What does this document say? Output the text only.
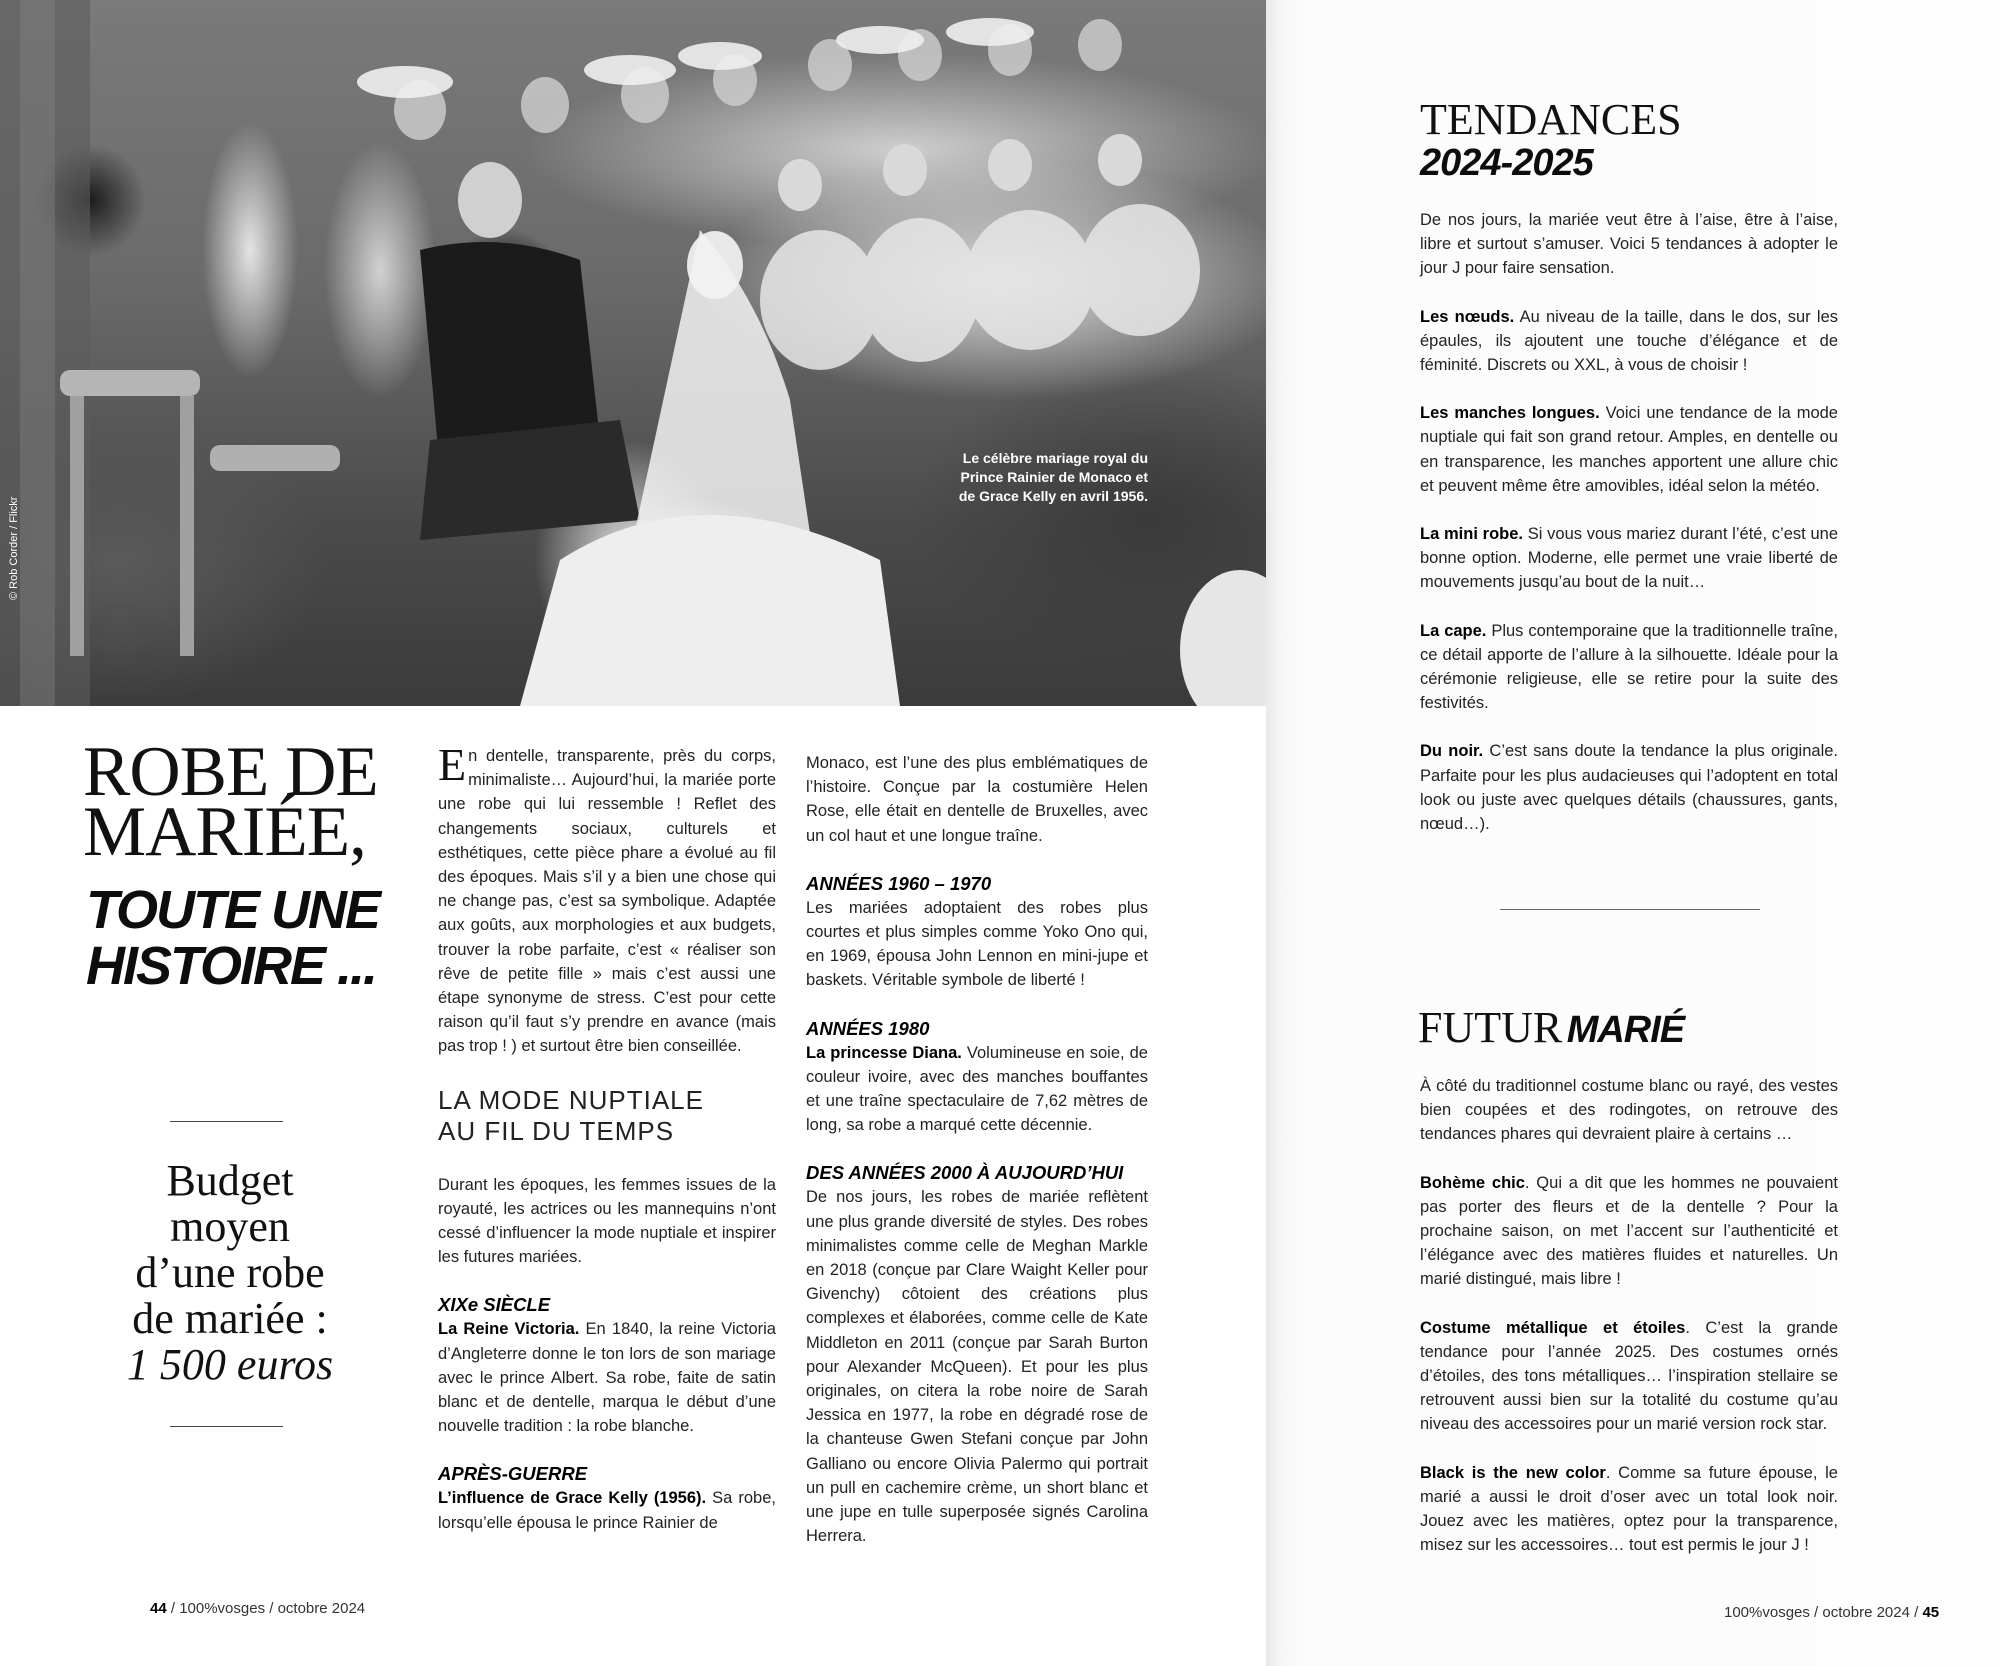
© Rob Corder / Flickr
Le célèbre mariage royal du Prince Rainier de Monaco et de Grace Kelly en avril 1956.
ROBE DE
MARIÉE,
TOUTE UNE
HISTOIRE ...
Budget
moyen
d’une robe
de mariée :
1 500 euros

En dentelle, transparente, près du corps, minimaliste… Aujourd’hui, la mariée porte une robe qui lui ressemble ! Reflet des changements sociaux, culturels et esthétiques, cette pièce phare a évolué au fil des époques. Mais s’il y a bien une chose qui ne change pas, c’est sa symbolique. Adaptée aux goûts, aux morphologies et aux budgets, trouver la robe parfaite, c’est « réaliser son rêve de petite fille » mais c’est aussi une étape synonyme de stress. C’est pour cette raison qu’il faut s’y prendre en avance (mais pas trop ! ) et surtout être bien conseillée.

LA MODE NUPTIALE
AU FIL DU TEMPS

Durant les époques, les femmes issues de la royauté, les actrices ou les mannequins n’ont cessé d’influencer la mode nuptiale et inspirer les futures mariées.

XIXe SIÈCLE

La Reine Victoria. En 1840, la reine Victoria d’Angleterre donne le ton lors de son mariage avec le prince Albert. Sa robe, faite de satin blanc et de dentelle, marqua le début d’une nouvelle tradition : la robe blanche.

APRÈS-GUERRE

L’influence de Grace Kelly (1956). Sa robe, lorsqu’elle épousa le prince Rainier de

Monaco, est l’une des plus emblématiques de l’histoire. Conçue par la costumière Helen Rose, elle était en dentelle de Bruxelles, avec un col haut et une longue traîne.

ANNÉES 1960 – 1970

Les mariées adoptaient des robes plus courtes et plus simples comme Yoko Ono qui, en 1969, épousa John Lennon en mini-jupe et baskets. Véritable symbole de liberté !

ANNÉES 1980

La princesse Diana. Volumineuse en soie, de couleur ivoire, avec des manches bouffantes et une traîne spectaculaire de 7,62 mètres de long, sa robe a marqué cette décennie.

DES ANNÉES 2000 À AUJOURD’HUI

De nos jours, les robes de mariée reflètent une plus grande diversité de styles. Des robes minimalistes comme celle de Meghan Markle en 2018 (conçue par Clare Waight Keller pour Givenchy) côtoient des créations plus complexes et élaborées, comme celle de Kate Middleton en 2011 (conçue par Sarah Burton pour Alexander McQueen). Et pour les plus originales, on citera la robe noire de Sarah Jessica en 1977, la robe en dégradé rose de la chanteuse Gwen Stefani conçue par John Galliano ou encore Olivia Palermo qui portrait un pull en cachemire crème, un short blanc et une jupe en tulle superposée signés Carolina Herrera.

44 / 100%vosges / octobre 2024
TENDANCES
2024-2025

De nos jours, la mariée veut être à l’aise, être à l’aise, libre et surtout s’amuser. Voici 5 tendances à adopter le jour J pour faire sensation.

Les nœuds. Au niveau de la taille, dans le dos, sur les épaules, ils ajoutent une touche d’élégance et de féminité. Discrets ou XXL, à vous de choisir !

Les manches longues. Voici une tendance de la mode nuptiale qui fait son grand retour. Amples, en dentelle ou en transparence, les manches apportent une allure chic et peuvent même être amovibles, idéal selon la météo.

La mini robe. Si vous vous mariez durant l’été, c’est une bonne option. Moderne, elle permet une vraie liberté de mouvements jusqu’au bout de la nuit…

La cape. Plus contemporaine que la traditionnelle traîne, ce détail apporte de l’allure à la silhouette. Idéale pour la cérémonie religieuse, elle se retire pour la suite des festivités.

Du noir. C’est sans doute la tendance la plus originale. Parfaite pour les plus audacieuses qui l’adoptent en total look ou juste avec quelques détails (chaussures, gants, nœud…).

FUTUR MARIÉ

À côté du traditionnel costume blanc ou rayé, des vestes bien coupées et des rodingotes, on retrouve des tendances phares qui devraient plaire à certains …

Bohème chic. Qui a dit que les hommes ne pouvaient pas porter des fleurs et de la dentelle ? Pour la prochaine saison, on met l’accent sur l’authenticité et l’élégance avec des matières fluides et naturelles. Un marié distingué, mais libre !

Costume métallique et étoiles. C’est la grande tendance pour l’année 2025. Des costumes ornés d’étoiles, des tons métalliques… l’inspiration stellaire se retrouvent aussi bien sur la totalité du costume qu’au niveau des accessoires pour un marié version rock star.

Black is the new color. Comme sa future épouse, le marié a aussi le droit d’oser avec un total look noir. Jouez avec les matières, optez pour la transparence, misez sur les accessoires… tout est permis le jour J !

100%vosges / octobre 2024 / 45
